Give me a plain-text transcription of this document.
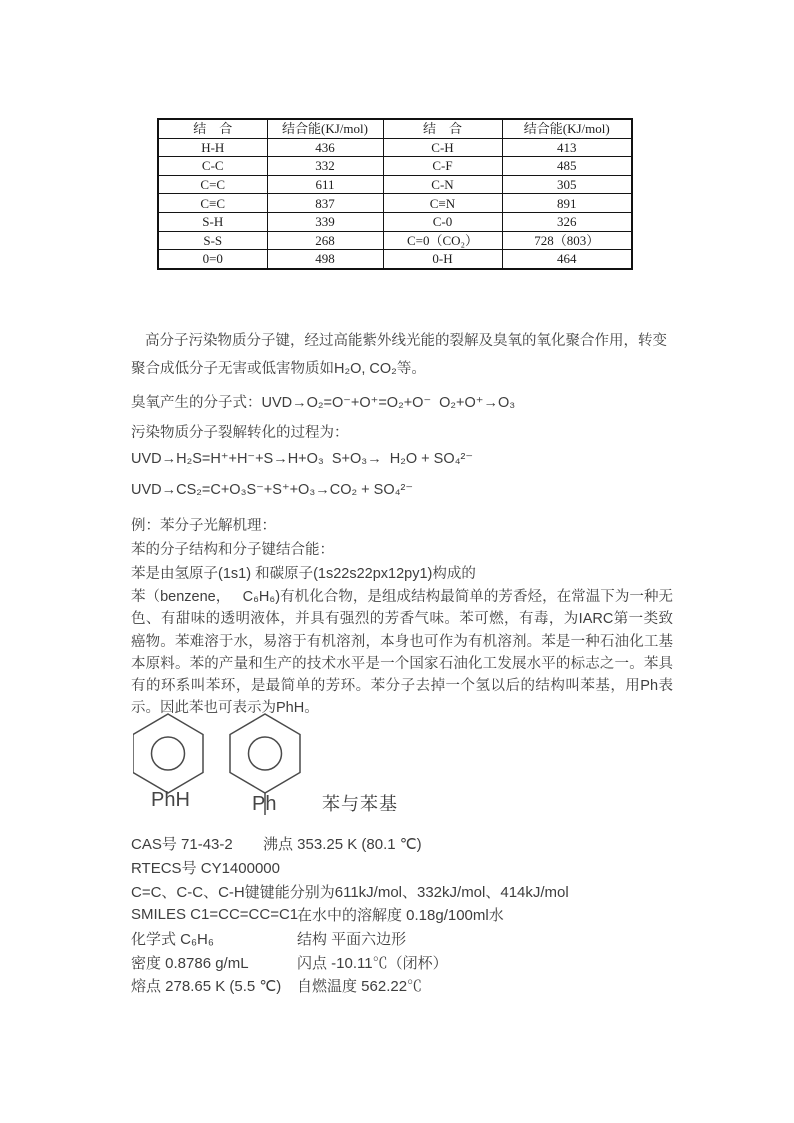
结　合	结合能(KJ/mol)	结　合	结合能(KJ/mol)
H-H	436	C-H	413
C-C	332	C-F	485
C=C	611	C-N	305
C≡C	837	C≡N	891
S-H	339	C-0	326
S-S	268	C=0（CO₂）	728（803）
0=0	498	0-H	464
高分子污染物质分子键，经过高能紫外线光能的裂解及臭氧的氧化聚合作用，转变聚合成低分子无害或低害物质如H₂O, CO₂等。
臭氧产生的分子式：UVD→O₂=O⁻+O⁺=O₂+O⁻  O₂+O⁺→O₃
污染物质分子裂解转化的过程为：
UVD→H₂S=H⁺+H⁻+S→H+O₃  S+O₃→  H₂O + SO₄²⁻
UVD→CS₂=C+O₃S⁻+S⁺+O₃→CO₂ + SO₄²⁻
例：苯分子光解机理：
苯的分子结构和分子键结合能：
苯是由氢原子(1s1) 和碳原子(1s22s22px12py1)构成的
苯（benzene，   C₆H₆)有机化合物，是组成结构最简单的芳香烃，在常温下为一种无色、有甜味的透明液体，并具有强烈的芳香气味。苯可燃，有毒，为IARC第一类致癌物。苯难溶于水，易溶于有机溶剂，本身也可作为有机溶剂。苯是一种石油化工基本原料。苯的产量和生产的技术水平是一个国家石油化工发展水平的标志之一。苯具有的环系叫苯环，是最简单的芳环。苯分子去掉一个氢以后的结构叫苯基，用Ph表示。因此苯也可表示为PhH。
PhH	Ph	苯与苯基
CAS号 71-43-2	沸点 353.25 K (80.1 ℃)
RTECS号 CY1400000
C=C、C-C、C-H键键能分别为611kJ/mol、332kJ/mol、414kJ/mol
SMILES C1=CC=CC=C1
在水中的溶解度 0.18g/100ml水
化学式 C₆H₆	结构 平面六边形
密度 0.8786 g/mL	闪点 -10.11℃（闭杯）
熔点 278.65 K (5.5 ℃)	自燃温度 562.22℃
